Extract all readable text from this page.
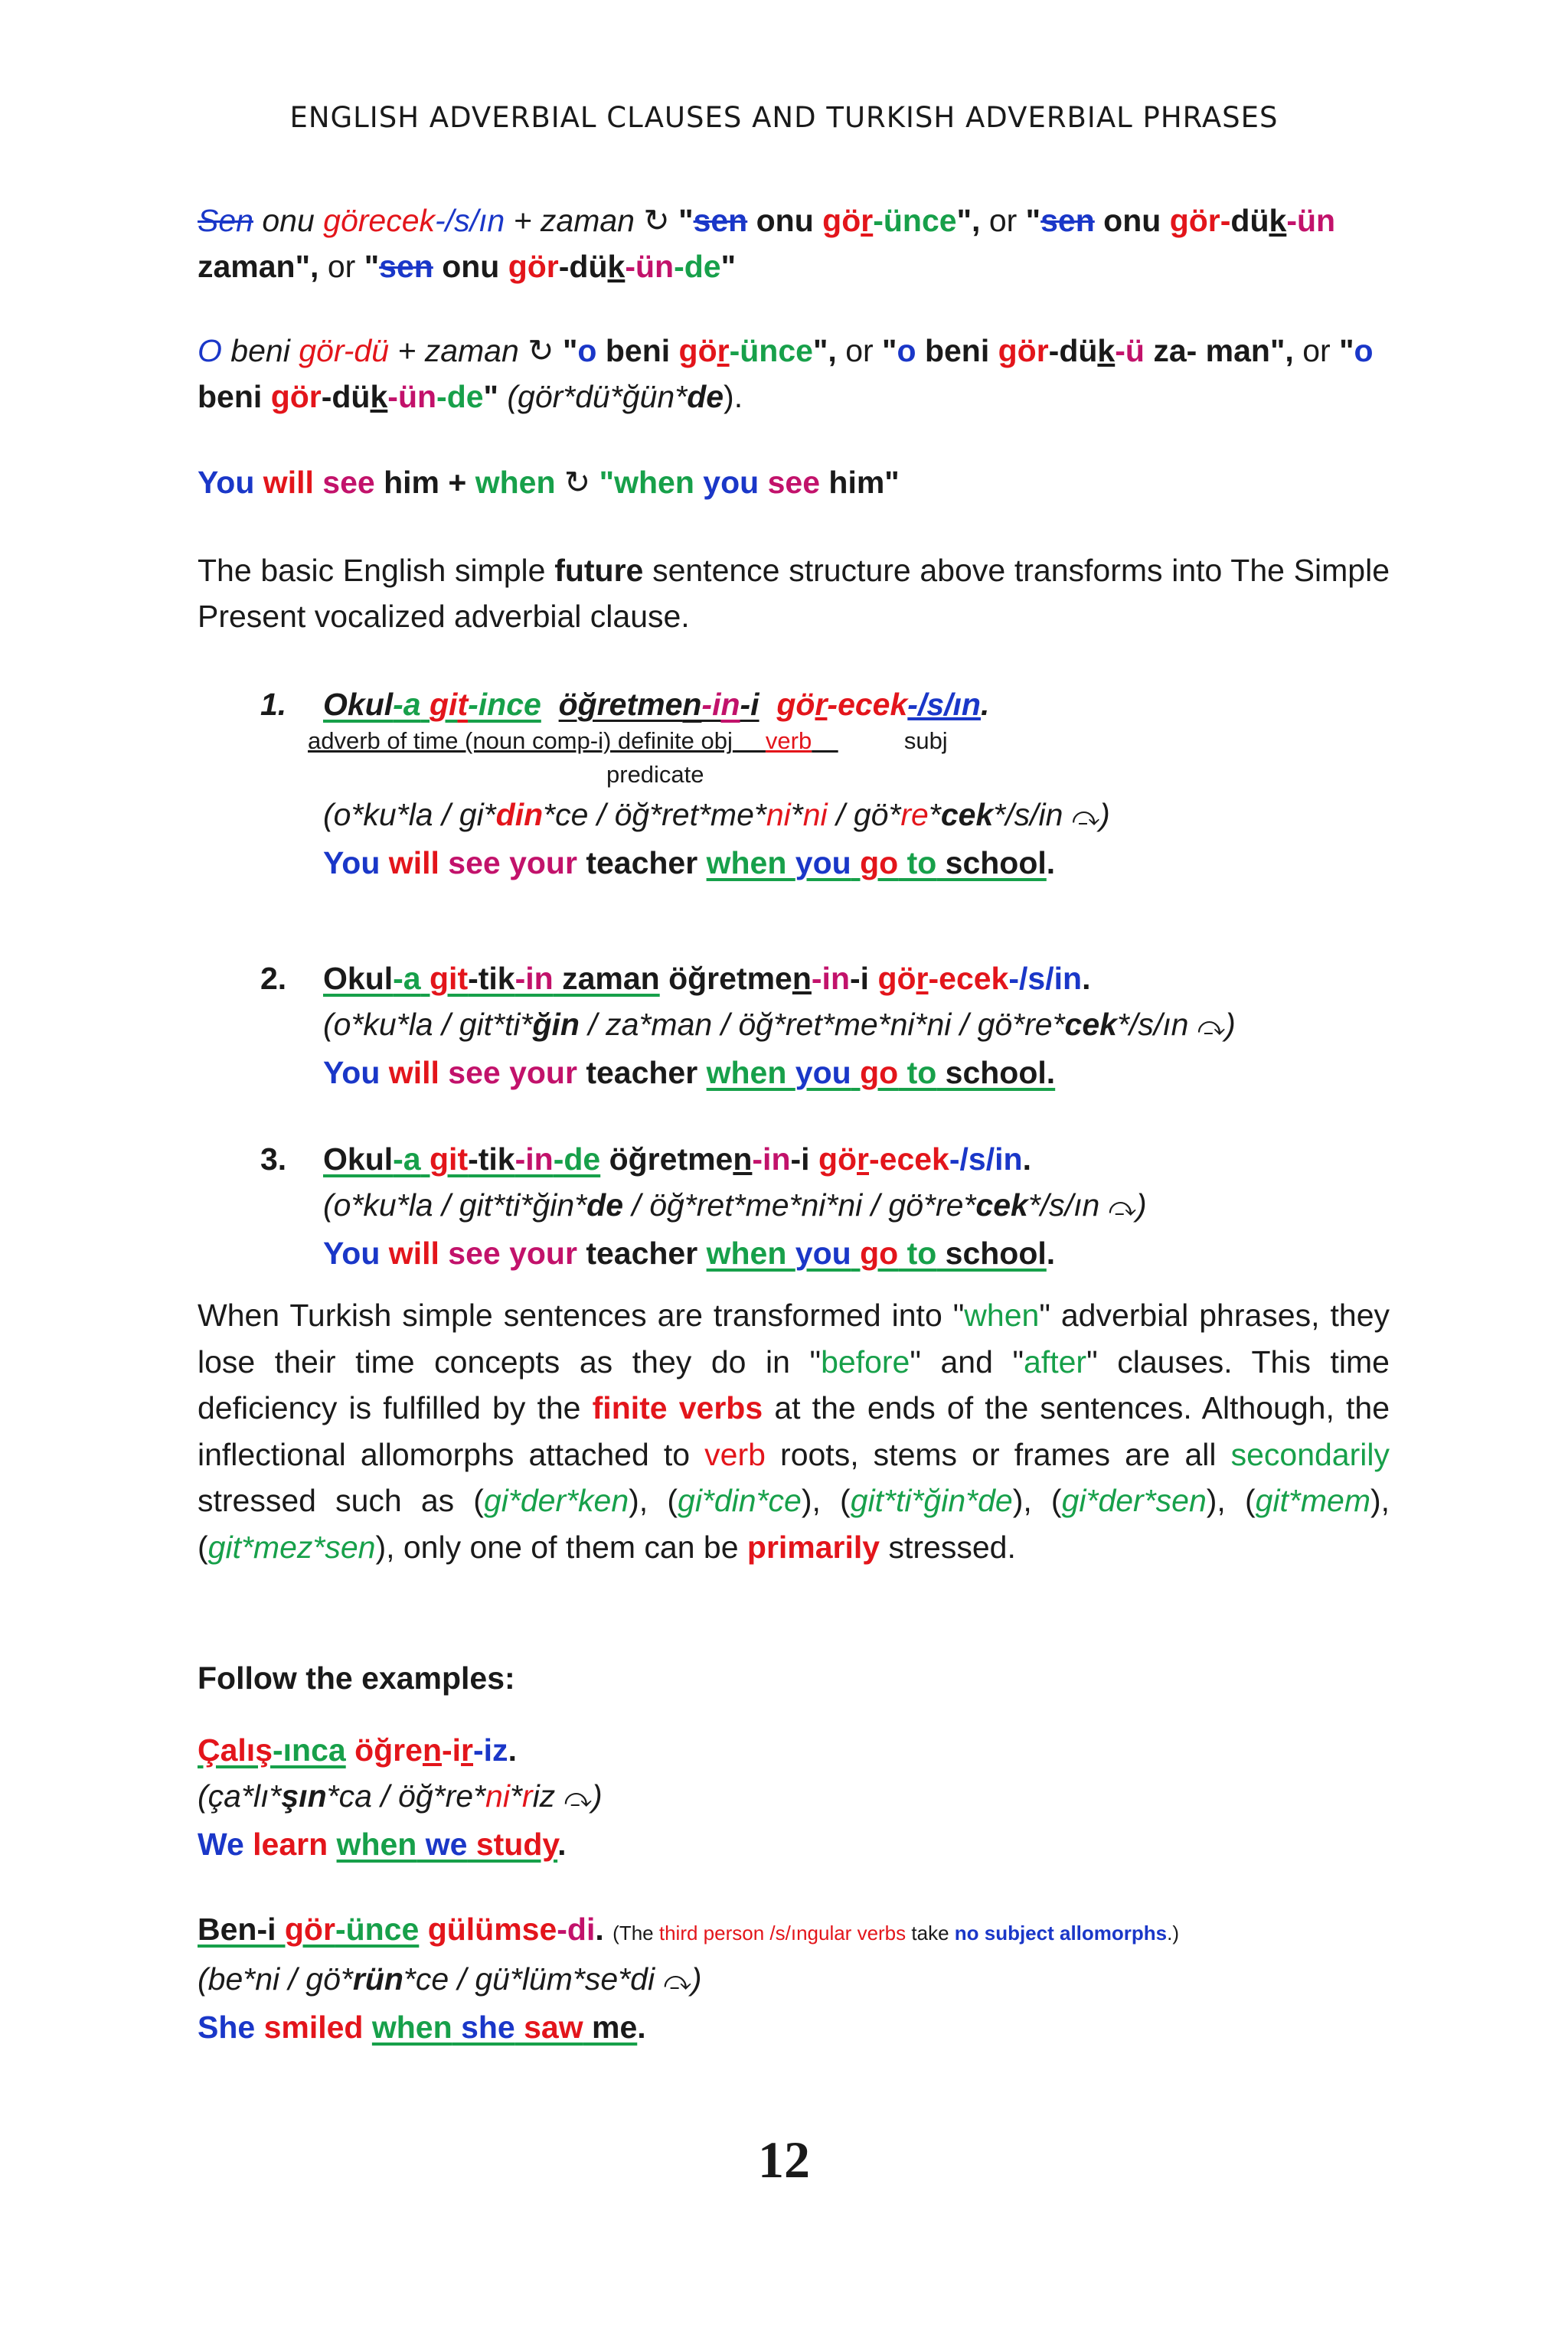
ENGLISH ADVERBIAL CLAUSES AND TURKISH ADVERBIAL PHRASES
Sen onu görecek-/s/ın + zaman ↻ "sen onu gör-ünce", or "sen onu gör-dük-ün zaman", or "sen onu gör-dük-ün-de"
O beni gör-dü + zaman ↻ "o beni gör-ünce", or "o beni gör-dük-ü za- man", or "o beni gör-dük-ün-de" (gör*dü*ğün*de).
You will see him + when ↻ "when you see him"
The basic English simple future sentence structure above transforms into The Simple Present vocalized adverbial clause.
1. Okul-a git-ince öğretmen-in-i gör-ecek-/s/ın.
adverb of time (noun comp-i) definite obj verb	subj
predicate
(o*ku*la / gi*din*ce / öğ*ret*me*ni*ni / gö*re*cek*/s/in ⤼)
You will see your teacher when you go to school.
2. Okul-a git-tik-in zaman öğretmen-in-i gör-ecek-/s/in.
(o*ku*la / git*ti*ğin / za*man / öğ*ret*me*ni*ni / gö*re*cek*/s/ın ⤼)
You will see your teacher when you go to school.
3. Okul-a git-tik-in-de öğretmen-in-i gör-ecek-/s/in.
(o*ku*la / git*ti*ğin*de / öğ*ret*me*ni*ni / gö*re*cek*/s/ın ⤼)
You will see your teacher when you go to school.
When Turkish simple sentences are transformed into "when" adverbial phrases, they lose their time concepts as they do in "before" and "after" clauses. This time deficiency is fulfilled by the finite verbs at the ends of the sentences. Although, the inflectional allomorphs attached to verb roots, stems or frames are all secondarily stressed such as (gi*der*ken), (gi*din*ce), (git*ti*ğin*de), (gi*der*sen), (git*mem), (git*mez*sen), only one of them can be primarily stressed.
Follow the examples:
Çalış-ınca öğren-ir-iz.
(ça*lı*şın*ca / öğ*re*ni*riz ⤼)
We learn when we study.
Ben-i gör-ünce gülümse-di. (The third person /s/ıngular verbs take no subject allomorphs.)
(be*ni / gö*rün*ce / gü*lüm*se*di ⤼)
She smiled when she saw me.
12
